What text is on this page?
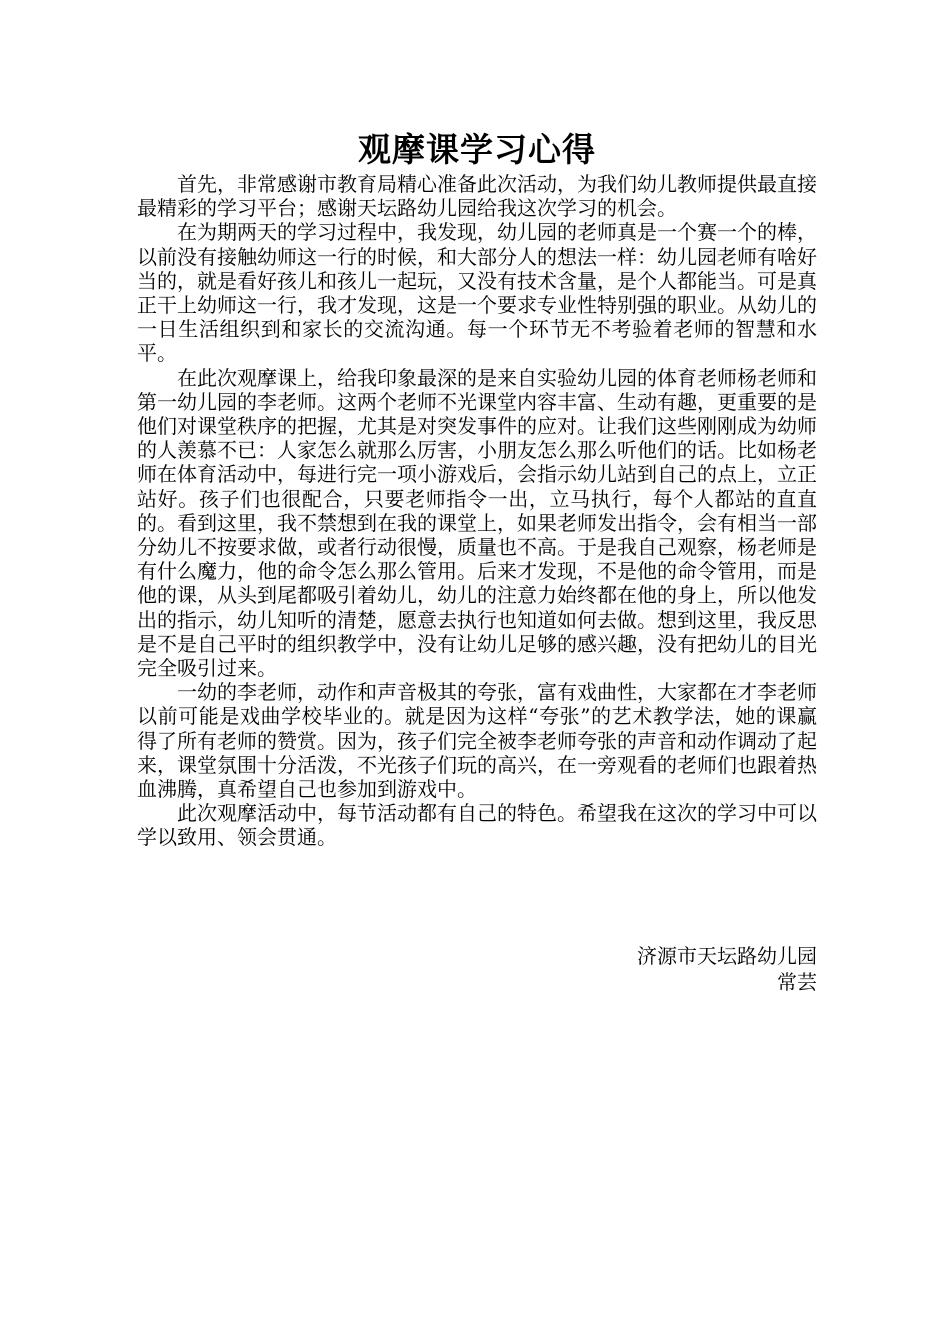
观摩课学习心得

首先，非常感谢市教育局精心准备此次活动，为我们幼儿教师提供最直接最精彩的学习平台；感谢天坛路幼儿园给我这次学习的机会。

在为期两天的学习过程中，我发现，幼儿园的老师真是一个赛一个的棒，以前没有接触幼师这一行的时候，和大部分人的想法一样：幼儿园老师有啥好当的，就是看好孩儿和孩儿一起玩，又没有技术含量，是个人都能当。可是真正干上幼师这一行，我才发现，这是一个要求专业性特别强的职业。从幼儿的一日生活组织到和家长的交流沟通。每一个环节无不考验着老师的智慧和水平。

在此次观摩课上，给我印象最深的是来自实验幼儿园的体育老师杨老师和第一幼儿园的李老师。这两个老师不光课堂内容丰富、生动有趣，更重要的是他们对课堂秩序的把握，尤其是对突发事件的应对。让我们这些刚刚成为幼师的人羡慕不已：人家怎么就那么厉害，小朋友怎么那么听他们的话。比如杨老师在体育活动中，每进行完一项小游戏后，会指示幼儿站到自己的点上，立正站好。孩子们也很配合，只要老师指令一出，立马执行，每个人都站的直直的。看到这里，我不禁想到在我的课堂上，如果老师发出指令，会有相当一部分幼儿不按要求做，或者行动很慢，质量也不高。于是我自己观察，杨老师是有什么魔力，他的命令怎么那么管用。后来才发现，不是他的命令管用，而是他的课，从头到尾都吸引着幼儿，幼儿的注意力始终都在他的身上，所以他发出的指示，幼儿知听的清楚，愿意去执行也知道如何去做。想到这里，我反思是不是自己平时的组织教学中，没有让幼儿足够的感兴趣，没有把幼儿的目光完全吸引过来。

一幼的李老师，动作和声音极其的夸张，富有戏曲性，大家都在才李老师以前可能是戏曲学校毕业的。就是因为这样“夸张”的艺术教学法，她的课赢得了所有老师的赞赏。因为，孩子们完全被李老师夸张的声音和动作调动了起来，课堂氛围十分活泼，不光孩子们玩的高兴，在一旁观看的老师们也跟着热血沸腾，真希望自己也参加到游戏中。

此次观摩活动中，每节活动都有自己的特色。希望我在这次的学习中可以学以致用、领会贯通。

济源市天坛路幼儿园
常芸
